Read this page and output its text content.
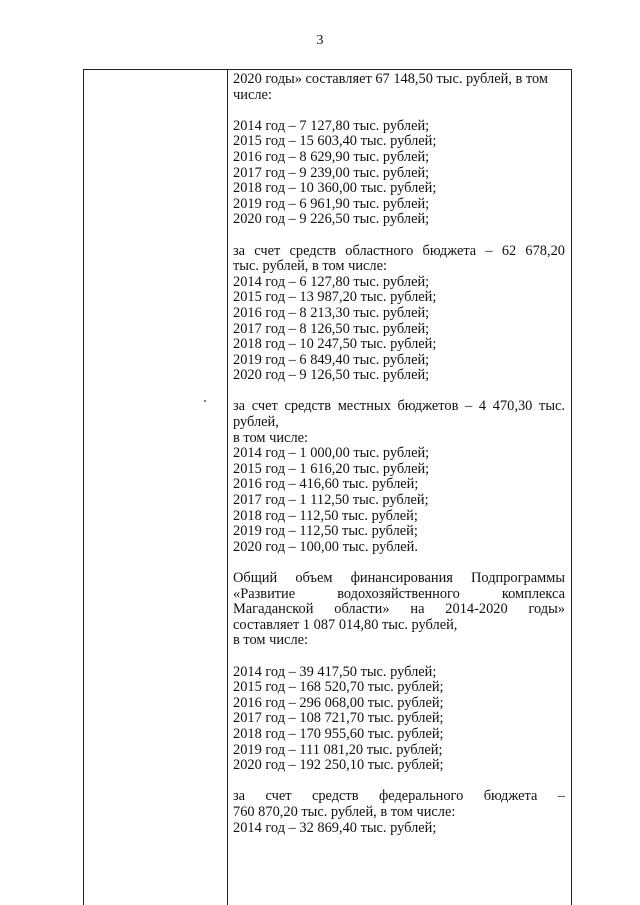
3
2020 годы» составляет 67 148,50 тыс. рублей, в том
числе:
2014 год – 7 127,80 тыс. рублей;
2015 год – 15 603,40 тыс. рублей;
2016 год – 8 629,90 тыс. рублей;
2017 год – 9 239,00 тыс. рублей;
2018 год – 10 360,00 тыс. рублей;
2019 год – 6 961,90 тыс. рублей;
2020 год – 9 226,50 тыс. рублей;
за счет средств областного бюджета – 62 678,20
тыс. рублей, в том числе:
2014 год – 6 127,80 тыс. рублей;
2015 год – 13 987,20 тыс. рублей;
2016 год – 8 213,30 тыс. рублей;
2017 год – 8 126,50 тыс. рублей;
2018 год – 10 247,50 тыс. рублей;
2019 год – 6 849,40 тыс. рублей;
2020 год – 9 126,50 тыс. рублей;
за счет средств местных бюджетов – 4 470,30 тыс.
рублей,
в том числе:
2014 год – 1 000,00 тыс. рублей;
2015 год – 1 616,20 тыс. рублей;
2016 год – 416,60 тыс. рублей;
2017 год – 1 112,50 тыс. рублей;
2018 год – 112,50 тыс. рублей;
2019 год – 112,50 тыс. рублей;
2020 год – 100,00 тыс. рублей.
Общий объем финансирования Подпрограммы
«Развитие водохозяйственного комплекса
Магаданской области» на 2014-2020 годы»
составляет 1 087 014,80 тыс. рублей,
в том числе:
2014 год – 39 417,50 тыс. рублей;
2015 год – 168 520,70 тыс. рублей;
2016 год – 296 068,00 тыс. рублей;
2017 год – 108 721,70 тыс. рублей;
2018 год – 170 955,60 тыс. рублей;
2019 год – 111 081,20 тыс. рублей;
2020 год – 192 250,10 тыс. рублей;
за счет средств федерального бюджета –
760 870,20 тыс. рублей, в том числе:
2014 год – 32 869,40 тыс. рублей;
